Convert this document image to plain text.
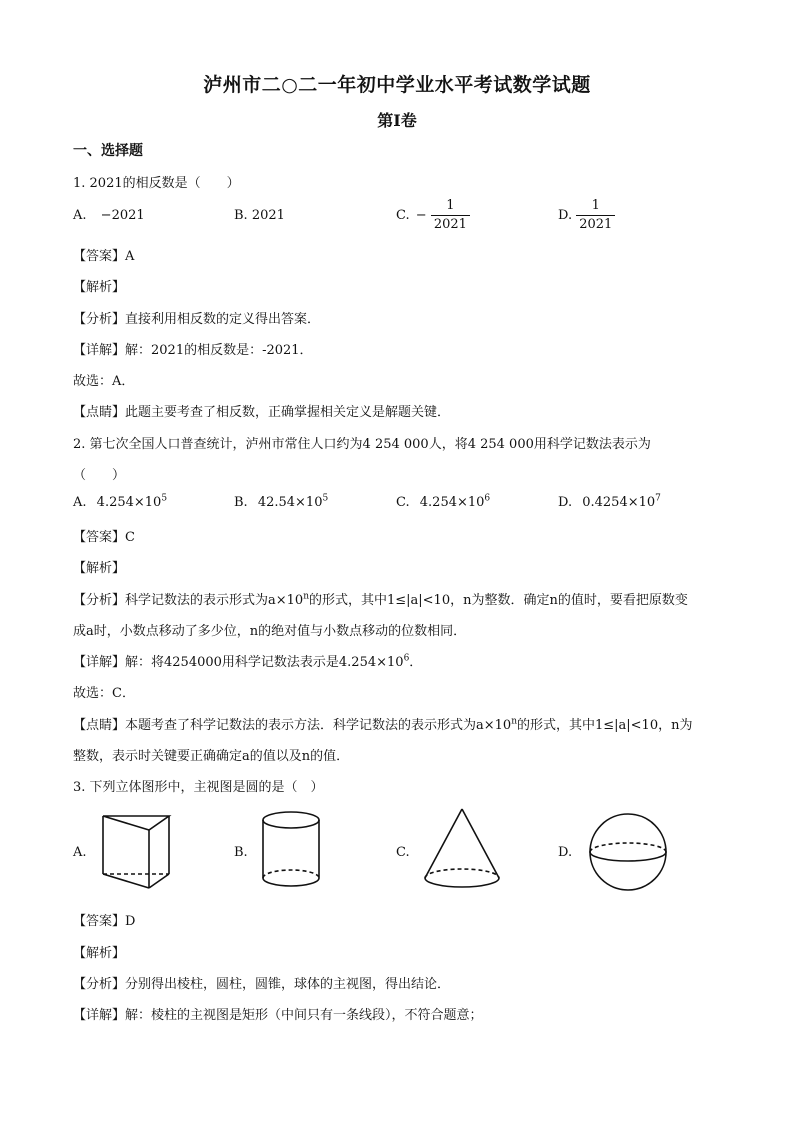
泸州市二○二一年初中学业水平考试数学试题
第Ⅰ卷
一、选择题
1. 2021的相反数是（　　）
A. −2021	B. 2021	C. − $\frac{1}{2021}$	D. $\frac{1}{2021}$
【答案】A
【解析】
【分析】直接利用相反数的定义得出答案．
【详解】解：2021的相反数是：-2021．
故选：A．
【点睛】此题主要考查了相反数，正确掌握相关定义是解题关键．
2. 第七次全国人口普查统计，泸州市常住人口约为4 254 000人，将4 254 000用科学记数法表示为
（　　）
A. $4.254\times 10^5$	B. $42.54\times 10^5$	C. $4.254\times 10^6$	D. $0.4254\times 10^7$
【答案】C
【解析】
【分析】科学记数法的表示形式为$a\times 10^n$的形式，其中1≤|a|<10，n为整数．确定n的值时，要看把原数变
成a时，小数点移动了多少位，n的绝对值与小数点移动的位数相同．
【详解】解：将4254000用科学记数法表示是$4.254\times 10^6$．
故选：C．
【点睛】本题考查了科学记数法的表示方法．科学记数法的表示形式为$a\times 10^n$的形式，其中1≤|a|<10，n为
整数，表示时关键要正确确定a的值以及n的值．
3. 下列立体图形中，主视图是圆的是（　）
A.	B.	C.	D.
【答案】D
【解析】
【分析】分别得出棱柱，圆柱，圆锥，球体的主视图，得出结论．
【详解】解：棱柱的主视图是矩形（中间只有一条线段），不符合题意；
